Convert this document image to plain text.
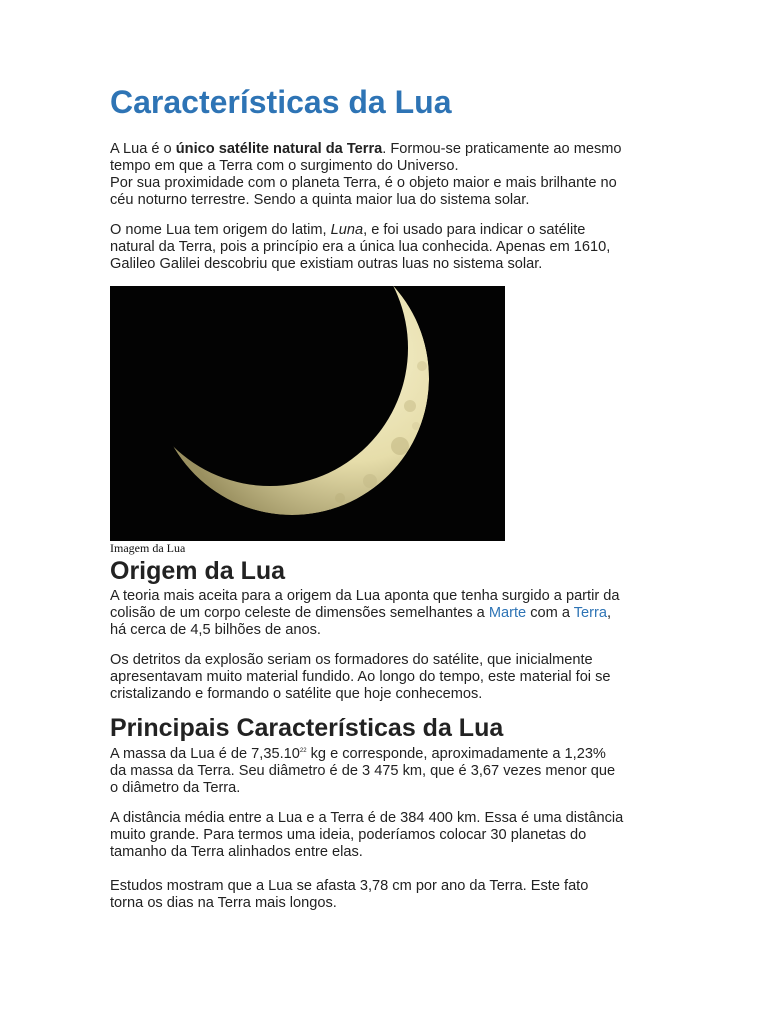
Características da Lua

A Lua é o único satélite natural da Terra. Formou-se praticamente ao mesmo

tempo em que a Terra com o surgimento do Universo.

Por sua proximidade com o planeta Terra, é o objeto maior e mais brilhante no

céu noturno terrestre. Sendo a quinta maior lua do sistema solar.

O nome Lua tem origem do latim, Luna, e foi usado para indicar o satélite

natural da Terra, pois a princípio era a única lua conhecida. Apenas em 1610,

Galileo Galilei descobriu que existiam outras luas no sistema solar.

Imagem da Lua
Origem da Lua

A teoria mais aceita para a origem da Lua aponta que tenha surgido a partir da

colisão de um corpo celeste de dimensões semelhantes a Marte com a Terra,

há cerca de 4,5 bilhões de anos.

Os detritos da explosão seriam os formadores do satélite, que inicialmente

apresentavam muito material fundido. Ao longo do tempo, este material foi se

cristalizando e formando o satélite que hoje conhecemos.

Principais Características da Lua

A massa da Lua é de 7,35.10$^{22}$ kg e corresponde, aproximadamente a 1,23%

da massa da Terra. Seu diâmetro é de 3 475 km, que é 3,67 vezes menor que

o diâmetro da Terra.

A distância média entre a Lua e a Terra é de 384 400 km. Essa é uma distância

muito grande. Para termos uma ideia, poderíamos colocar 30 planetas do

tamanho da Terra alinhados entre elas.

Estudos mostram que a Lua se afasta 3,78 cm por ano da Terra. Este fato

torna os dias na Terra mais longos.
